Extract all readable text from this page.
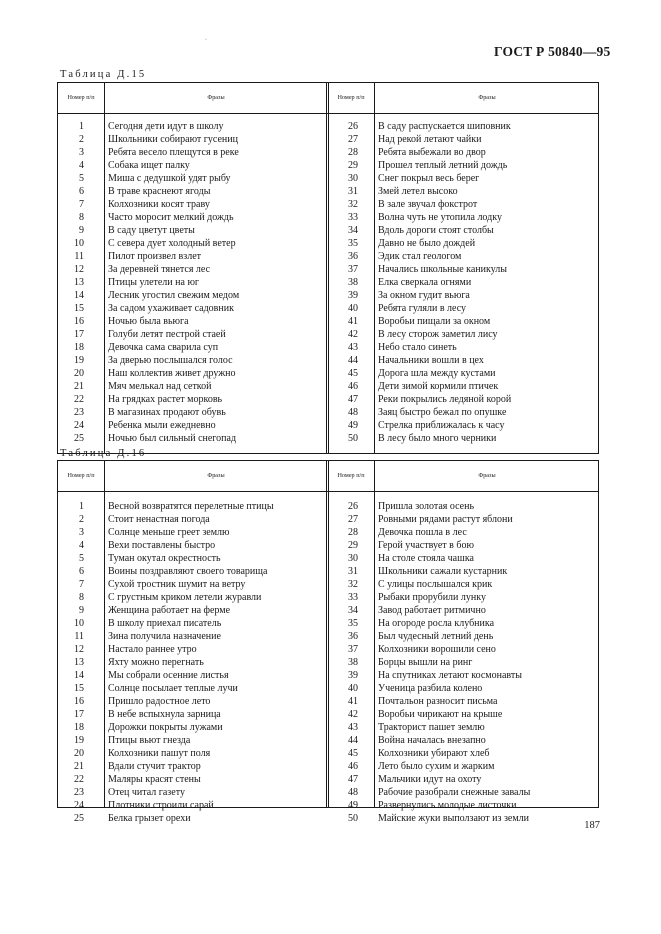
·
ГОСТ Р 50840—95
Таблица Д.15
Номер п/п	Фразы	Номер п/п	Фразы
1 Сегодня дети идут в школу	26 В саду распускается шиповник
2 Школьники собирают гусениц	27 Над рекой летают чайки
3 Ребята весело плещутся в реке	28 Ребята выбежали во двор
4 Собака ищет палку	29 Прошел теплый летний дождь
5 Миша с дедушкой удят рыбу	30 Снег покрыл весь берег
6 В траве краснеют ягоды	31 Змей летел высоко
7 Колхозники косят траву	32 В зале звучал фокстрот
8 Часто моросит мелкий дождь	33 Волна чуть не утопила лодку
9 В саду цветут цветы	34 Вдоль дороги стоят столбы
10 С севера дует холодный ветер	35 Давно не было дождей
11 Пилот произвел взлет	36 Эдик стал геологом
12 За деревней тянется лес	37 Начались школьные каникулы
13 Птицы улетели на юг	38 Елка сверкала огнями
14 Лесник угостил свежим медом	39 За окном гудит вьюга
15 За садом ухаживает садовник	40 Ребята гуляли в лесу
16 Ночью была вьюга	41 Воробьи пищали за окном
17 Голуби летят пестрой стаей	42 В лесу сторож заметил лису
18 Девочка сама сварила суп	43 Небо стало синеть
19 За дверью послышался голос	44 Начальники вошли в цех
20 Наш коллектив живет дружно	45 Дорога шла между кустами
21 Мяч мелькал над сеткой	46 Дети зимой кормили птичек
22 На грядках растет морковь	47 Реки покрылись ледяной корой
23 В магазинах продают обувь	48 Заяц быстро бежал по опушке
24 Ребенка мыли ежедневно	49 Стрелка приближалась к часу
25 Ночью был сильный снегопад	50 В лесу было много черники
Таблица Д.16
Номер п/п	Фразы	Номер п/п	Фразы
1 Весной возвратятся перелетные птицы	26 Пришла золотая осень
2 Стоит ненастная погода	27 Ровными рядами растут яблони
3 Солнце меньше греет землю	28 Девочка пошла в лес
4 Вехи поставлены быстро	29 Герой участвует в бою
5 Туман окутал окрестность	30 На столе стояла чашка
6 Воины поздравляют своего товарища	31 Школьники сажали кустарник
7 Сухой тростник шумит на ветру	32 С улицы послышался крик
8 С грустным криком летели журавли	33 Рыбаки прорубили лунку
9 Женщина работает на ферме	34 Завод работает ритмично
10 В школу приехал писатель	35 На огороде росла клубника
11 Зина получила назначение	36 Был чудесный летний день
12 Настало раннее утро	37 Колхозники ворошили сено
13 Яхту можно перегнать	38 Борцы вышли на ринг
14 Мы собрали осенние листья	39 На спутниках летают космонавты
15 Солнце посылает теплые лучи	40 Ученица разбила колено
16 Пришло радостное лето	41 Почтальон разносит письма
17 В небе вспыхнула зарница	42 Воробьи чирикают на крыше
18 Дорожки покрыты лужами	43 Тракторист пашет землю
19 Птицы вьют гнезда	44 Война началась внезапно
20 Колхозники пашут поля	45 Колхозники убирают хлеб
21 Вдали стучит трактор	46 Лето было сухим и жарким
22 Маляры красят стены	47 Мальчики идут на охоту
23 Отец читал газету	48 Рабочие разобрали снежные завалы
24 Плотники строили сарай	49 Развернулись молодые листочки
25 Белка грызет орехи	50 Майские жуки выползают из земли
187
